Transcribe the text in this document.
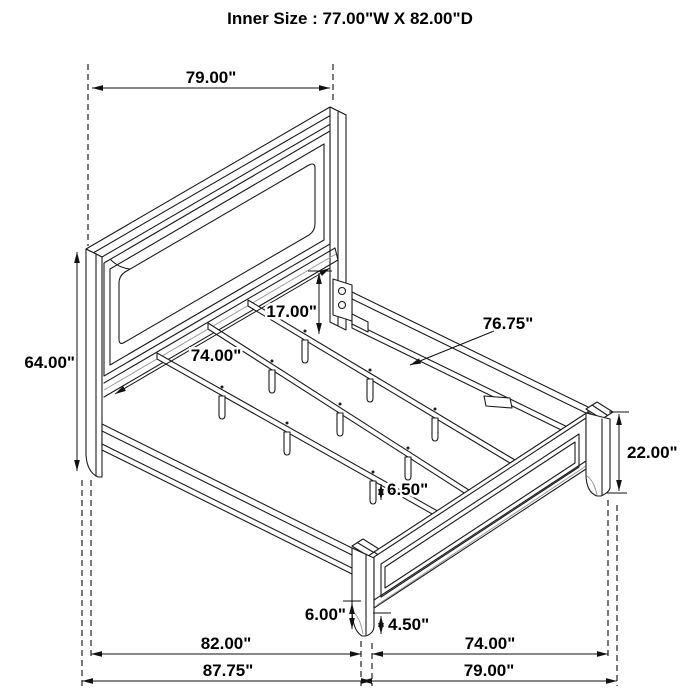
Inner Size : 77.00"W X 82.00"D
79.00"
64.00"	74.00"
17.00"
76.75"
22.00"
6.50"
6.00"
4.50"
82.00"	74.00"
87.75"	79.00"
